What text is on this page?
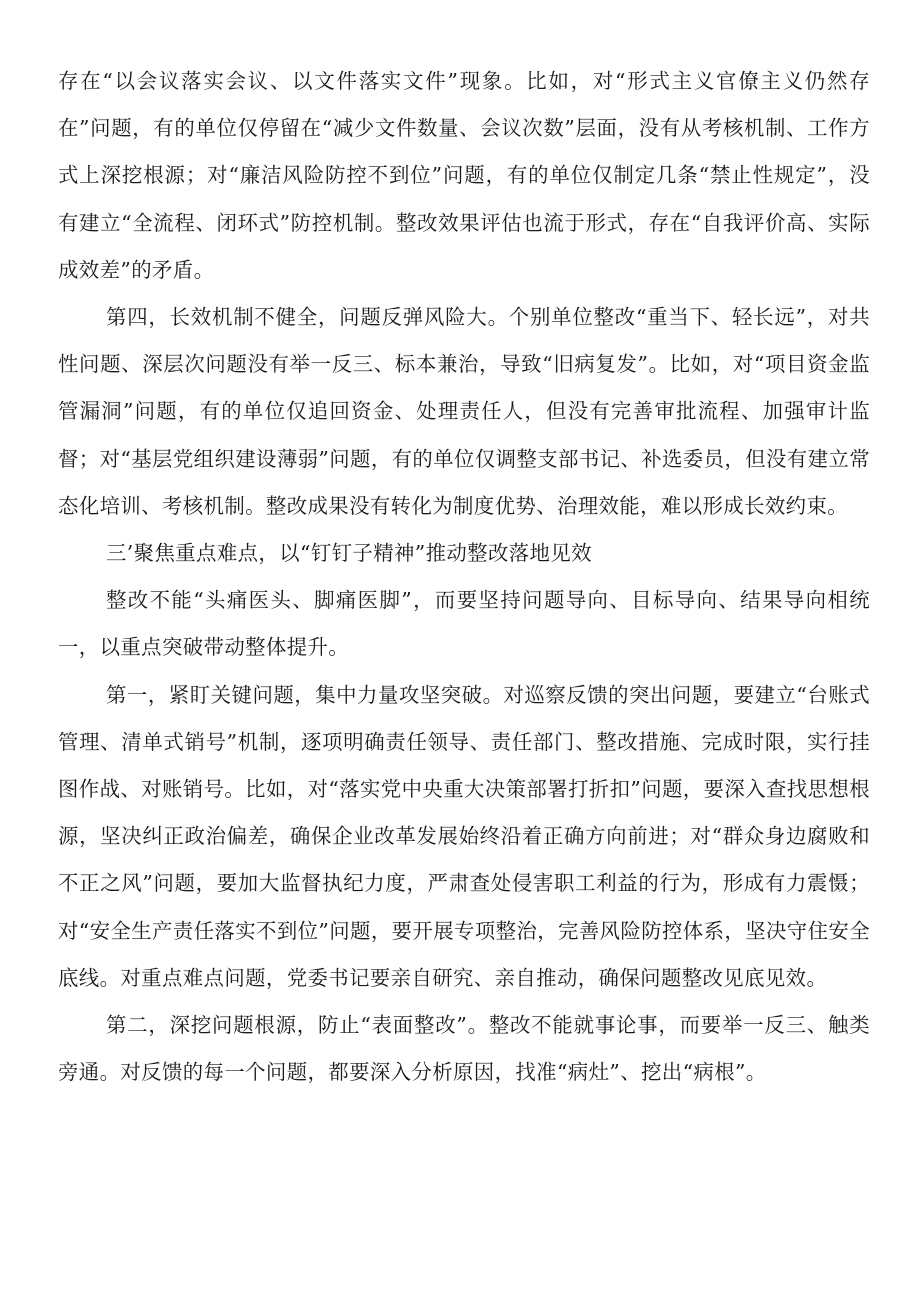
存在“以会议落实会议、以文件落实文件”现象。比如，对“形式主义官僚主义仍然存在”问题，有的单位仅停留在“减少文件数量、会议次数”层面，没有从考核机制、工作方式上深挖根源；对“廉洁风险防控不到位”问题，有的单位仅制定几条“禁止性规定”，没有建立“全流程、闭环式”防控机制。整改效果评估也流于形式，存在“自我评价高、实际成效差”的矛盾。

第四，长效机制不健全，问题反弹风险大。个别单位整改“重当下、轻长远”，对共性问题、深层次问题没有举一反三、标本兼治，导致“旧病复发”。比如，对“项目资金监管漏洞”问题，有的单位仅追回资金、处理责任人，但没有完善审批流程、加强审计监督；对“基层党组织建设薄弱”问题，有的单位仅调整支部书记、补选委员，但没有建立常态化培训、考核机制。整改成果没有转化为制度优势、治理效能，难以形成长效约束。

三’聚焦重点难点，以“钉钉子精神”推动整改落地见效

整改不能“头痛医头、脚痛医脚”，而要坚持问题导向、目标导向、结果导向相统一，以重点突破带动整体提升。

第一，紧盯关键问题，集中力量攻坚突破。对巡察反馈的突出问题，要建立“台账式管理、清单式销号”机制，逐项明确责任领导、责任部门、整改措施、完成时限，实行挂图作战、对账销号。比如，对“落实党中央重大决策部署打折扣”问题，要深入查找思想根源，坚决纠正政治偏差，确保企业改革发展始终沿着正确方向前进；对“群众身边腐败和不正之风”问题，要加大监督执纪力度，严肃查处侵害职工利益的行为，形成有力震慑；对“安全生产责任落实不到位”问题，要开展专项整治，完善风险防控体系，坚决守住安全底线。对重点难点问题，党委书记要亲自研究、亲自推动，确保问题整改见底见效。

第二，深挖问题根源，防止“表面整改”。整改不能就事论事，而要举一反三、触类旁通。对反馈的每一个问题，都要深入分析原因，找准“病灶”、挖出“病根”。
